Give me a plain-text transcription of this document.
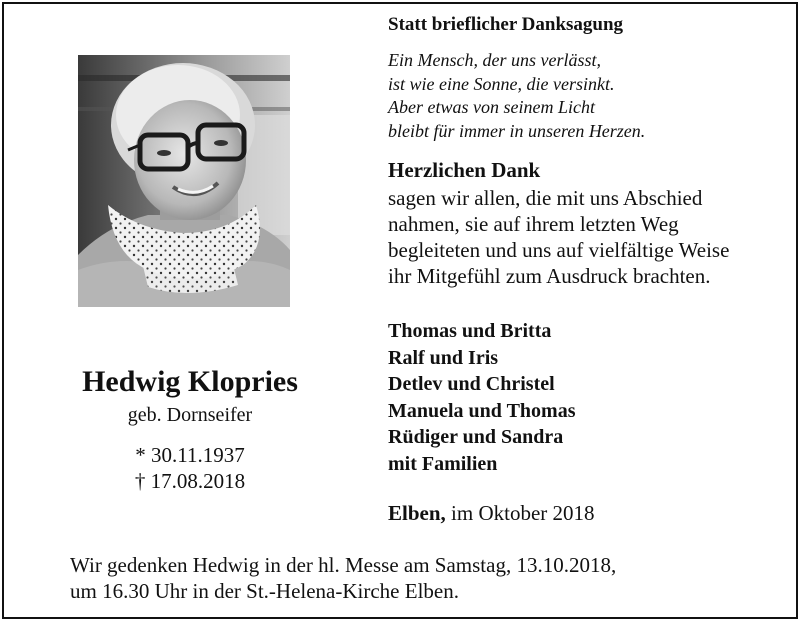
Hedwig Klopries
geb. Dornseifer
* 30.11.1937
† 17.08.2018
Statt brieflicher Danksagung
Ein Mensch, der uns verlässt,
ist wie eine Sonne, die versinkt.
Aber etwas von seinem Licht
bleibt für immer in unseren Herzen.
Herzlichen Dank
sagen wir allen, die mit uns Abschied
nahmen, sie auf ihrem letzten Weg
begleiteten und uns auf vielfältige Weise
ihr Mitgefühl zum Ausdruck brachten.
Thomas und Britta
Ralf und Iris
Detlev und Christel
Manuela und Thomas
Rüdiger und Sandra
mit Familien
Elben, im Oktober 2018
Wir gedenken Hedwig in der hl. Messe am Samstag, 13.10.2018,
um 16.30 Uhr in der St.-Helena-Kirche Elben.
